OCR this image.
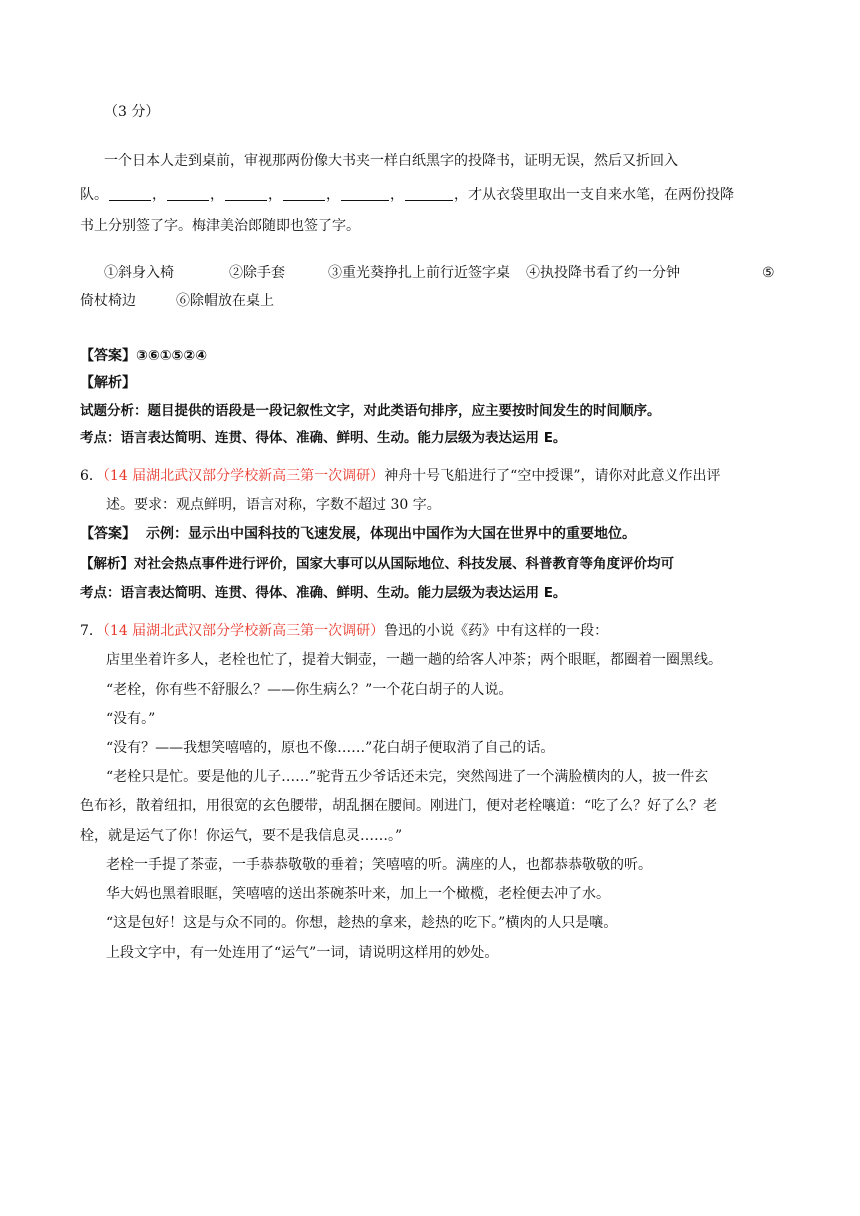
（3 分）
一个日本人走到桌前，审视那两份像大书夹一样白纸黑字的投降书，证明无误，然后又折回入
队。	，	，	，	，	，	，才从衣袋里取出一支自来水笔，在两份投降
书上分别签了字。梅津美治郎随即也签了字。
①斜身入椅	②除手套	③重光葵挣扎上前行近签字桌 ④执投降书看了约一分钟	⑤
倚杖椅边	⑥除帽放在桌上
【答案】③⑥①⑤②④
【解析】
试题分析：题目提供的语段是一段记叙性文字，对此类语句排序，应主要按时间发生的时间顺序。
考点：语言表达简明、连贯、得体、准确、鲜明、生动。能力层级为表达运用 E。
6．（14 届湖北武汉部分学校新高三第一次调研）神舟十号飞船进行了“空中授课”，请你对此意义作出评
述。要求：观点鲜明，语言对称，字数不超过 30 字。
【答案】 示例：显示出中国科技的飞速发展，体现出中国作为大国在世界中的重要地位。
【解析】对社会热点事件进行评价，国家大事可以从国际地位、科技发展、科普教育等角度评价均可
考点：语言表达简明、连贯、得体、准确、鲜明、生动。能力层级为表达运用 E。
7．（14 届湖北武汉部分学校新高三第一次调研）鲁迅的小说《药》中有这样的一段：
店里坐着许多人，老栓也忙了，提着大铜壶，一趟一趟的给客人冲茶；两个眼眶，都圈着一圈黑线。
“老栓，你有些不舒服么？——你生病么？”一个花白胡子的人说。
“没有。”
“没有？——我想笑嘻嘻的，原也不像……”花白胡子便取消了自己的话。
“老栓只是忙。要是他的儿子……”驼背五少爷话还未完，突然闯进了一个满脸横肉的人，披一件玄
色布衫，散着纽扣，用很宽的玄色腰带，胡乱捆在腰间。刚进门，便对老栓嚷道：“吃了么？好了么？老
栓，就是运气了你！你运气，要不是我信息灵……。”
老栓一手提了茶壶，一手恭恭敬敬的垂着；笑嘻嘻的听。满座的人，也都恭恭敬敬的听。
华大妈也黑着眼眶，笑嘻嘻的送出茶碗茶叶来，加上一个橄榄，老栓便去冲了水。
“这是包好！这是与众不同的。你想，趁热的拿来，趁热的吃下。”横肉的人只是嚷。
上段文字中，有一处连用了“运气”一词，请说明这样用的妙处。
